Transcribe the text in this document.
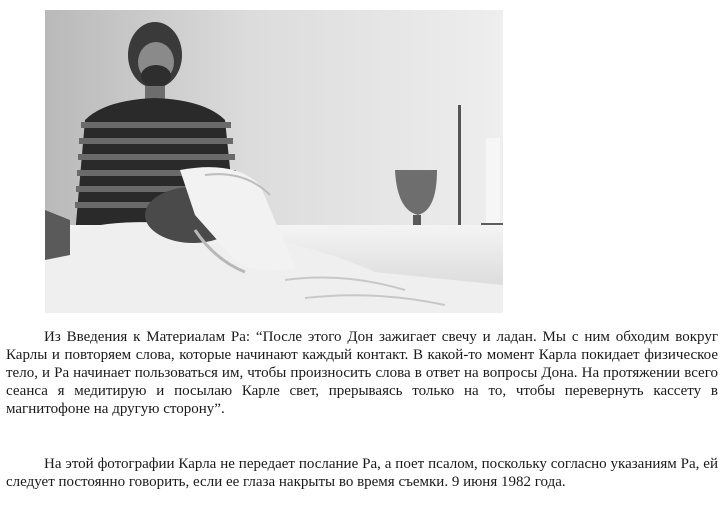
Из Введения к Материалам Ра: “После этого Дон зажигает свечу и ладан. Мы с ним обходим вокруг Карлы и повторяем слова, которые начинают каждый контакт. В какой-то момент Карла покидает физическое тело, и Ра начинает пользоваться им, чтобы произносить слова в ответ на вопросы Дона. На протяжении всего сеанса я медитирую и посылаю Карле свет, прерываясь только на то, чтобы перевернуть кассету в магнитофоне на другую сторону”.

На этой фотографии Карла не передает послание Ра, а поет псалом, поскольку согласно указаниям Ра, ей следует постоянно говорить, если ее глаза накрыты во время съемки. 9 июня 1982 года.
